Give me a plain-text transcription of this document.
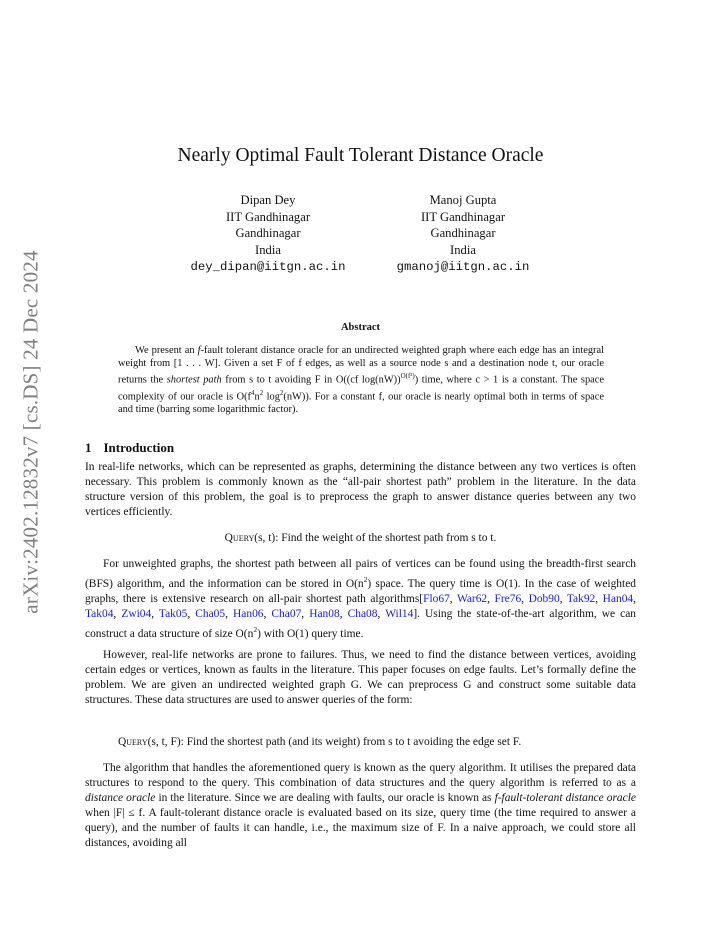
arXiv:2402.12832v7 [cs.DS] 24 Dec 2024
Nearly Optimal Fault Tolerant Distance Oracle
Dipan Dey
IIT Gandhinagar
Gandhinagar
India
dey_dipan@iitgn.ac.in
Manoj Gupta
IIT Gandhinagar
Gandhinagar
India
gmanoj@iitgn.ac.in
Abstract
We present an f-fault tolerant distance oracle for an undirected weighted graph where each edge has an integral weight from [1 . . . W]. Given a set F of f edges, as well as a source node s and a destination node t, our oracle returns the shortest path from s to t avoiding F in O((cf log(nW))$^{O(f^2)}$) time, where c > 1 is a constant. The space complexity of our oracle is $O(f^4n^2$ $\log^2(nW)$). For a constant f, our oracle is nearly optimal both in terms of space and time (barring some logarithmic factor).
1 Introduction
In real-life networks, which can be represented as graphs, determining the distance between any two vertices is often necessary. This problem is commonly known as the “all-pair shortest path” problem in the literature. In the data structure version of this problem, the goal is to preprocess the graph to answer distance queries between any two vertices efficiently.
Query(s, t): Find the weight of the shortest path from s to t.
For unweighted graphs, the shortest path between all pairs of vertices can be found using the breadth-first search (BFS) algorithm, and the information can be stored in $O(n^2)$ space. The query time is O(1). In the case of weighted graphs, there is extensive research on all-pair shortest path algorithms[Flo67, War62, Fre76, Dob90, Tak92, Han04, Tak04, Zwi04, Tak05, Cha05, Han06, Cha07, Han08, Cha08, Wil14]. Using the state-of-the-art algorithm, we can construct a data structure of size $O(n^2)$ with O(1) query time.
However, real-life networks are prone to failures. Thus, we need to find the distance between vertices, avoiding certain edges or vertices, known as faults in the literature. This paper focuses on edge faults. Let’s formally define the problem. We are given an undirected weighted graph G. We can preprocess G and construct some suitable data structures. These data structures are used to answer queries of the form:
Query(s, t, F): Find the shortest path (and its weight) from s to t avoiding the edge set F.
The algorithm that handles the aforementioned query is known as the query algorithm. It utilises the prepared data structures to respond to the query. This combination of data structures and the query algorithm is referred to as a distance oracle in the literature. Since we are dealing with faults, our oracle is known as f-fault-tolerant distance oracle when |F| ≤ f. A fault-tolerant distance oracle is evaluated based on its size, query time (the time required to answer a query), and the number of faults it can handle, i.e., the maximum size of F. In a naive approach, we could store all distances, avoiding all
